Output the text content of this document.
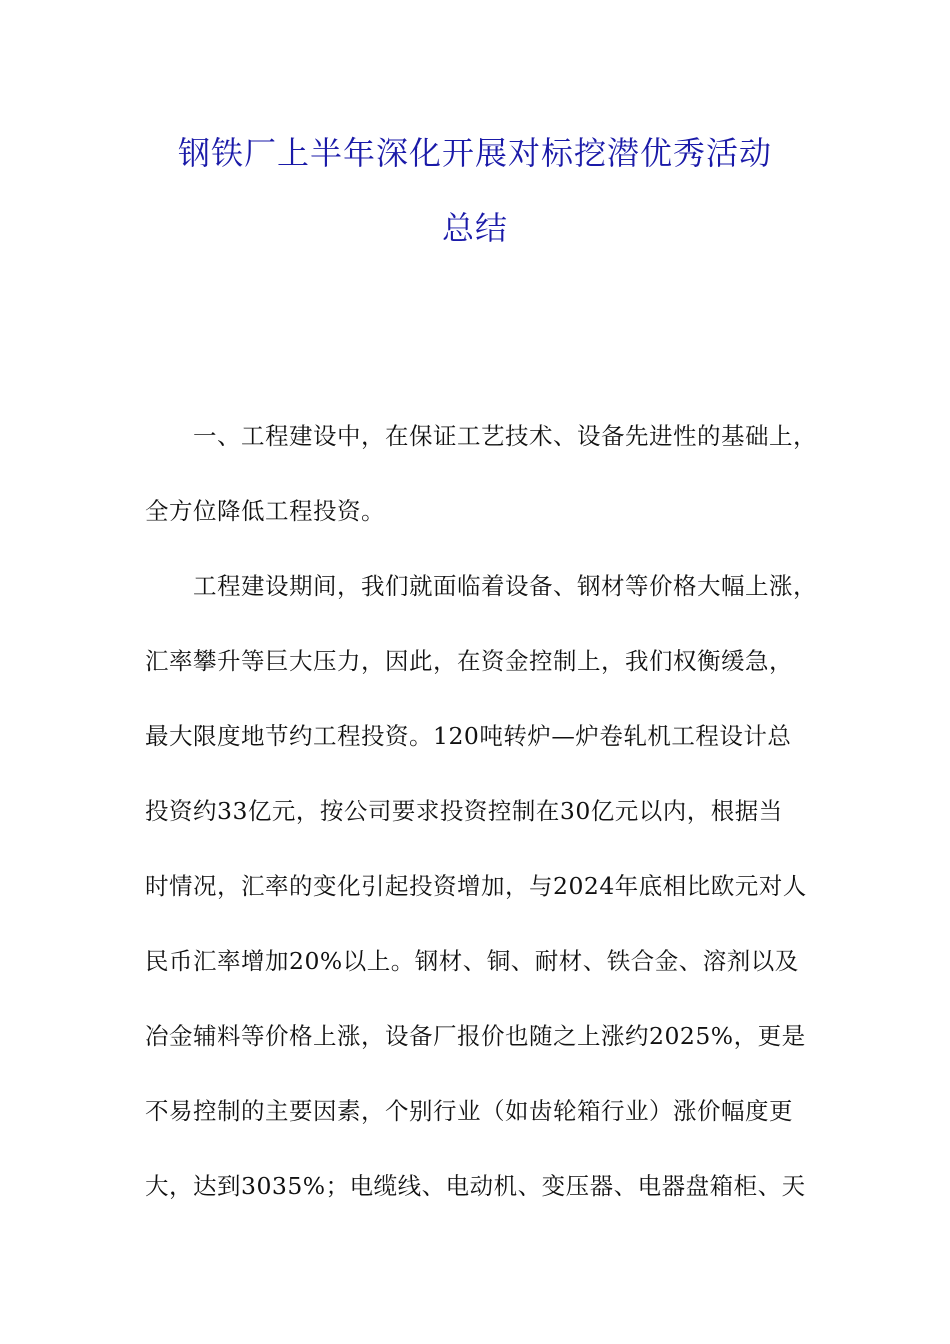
钢铁厂上半年深化开展对标挖潜优秀活动
总结
一、工程建设中，在保证工艺技术、设备先进性的基础上，
全方位降低工程投资。
工程建设期间，我们就面临着设备、钢材等价格大幅上涨，
汇率攀升等巨大压力，因此，在资金控制上，我们权衡缓急，
最大限度地节约工程投资。120吨转炉—炉卷轧机工程设计总
投资约33亿元，按公司要求投资控制在30亿元以内，根据当
时情况，汇率的变化引起投资增加，与2024年底相比欧元对人
民币汇率增加20%以上。钢材、铜、耐材、铁合金、溶剂以及
冶金辅料等价格上涨，设备厂报价也随之上涨约2025%，更是
不易控制的主要因素，个别行业（如齿轮箱行业）涨价幅度更
大，达到3035%；电缆线、电动机、变压器、电器盘箱柜、天
